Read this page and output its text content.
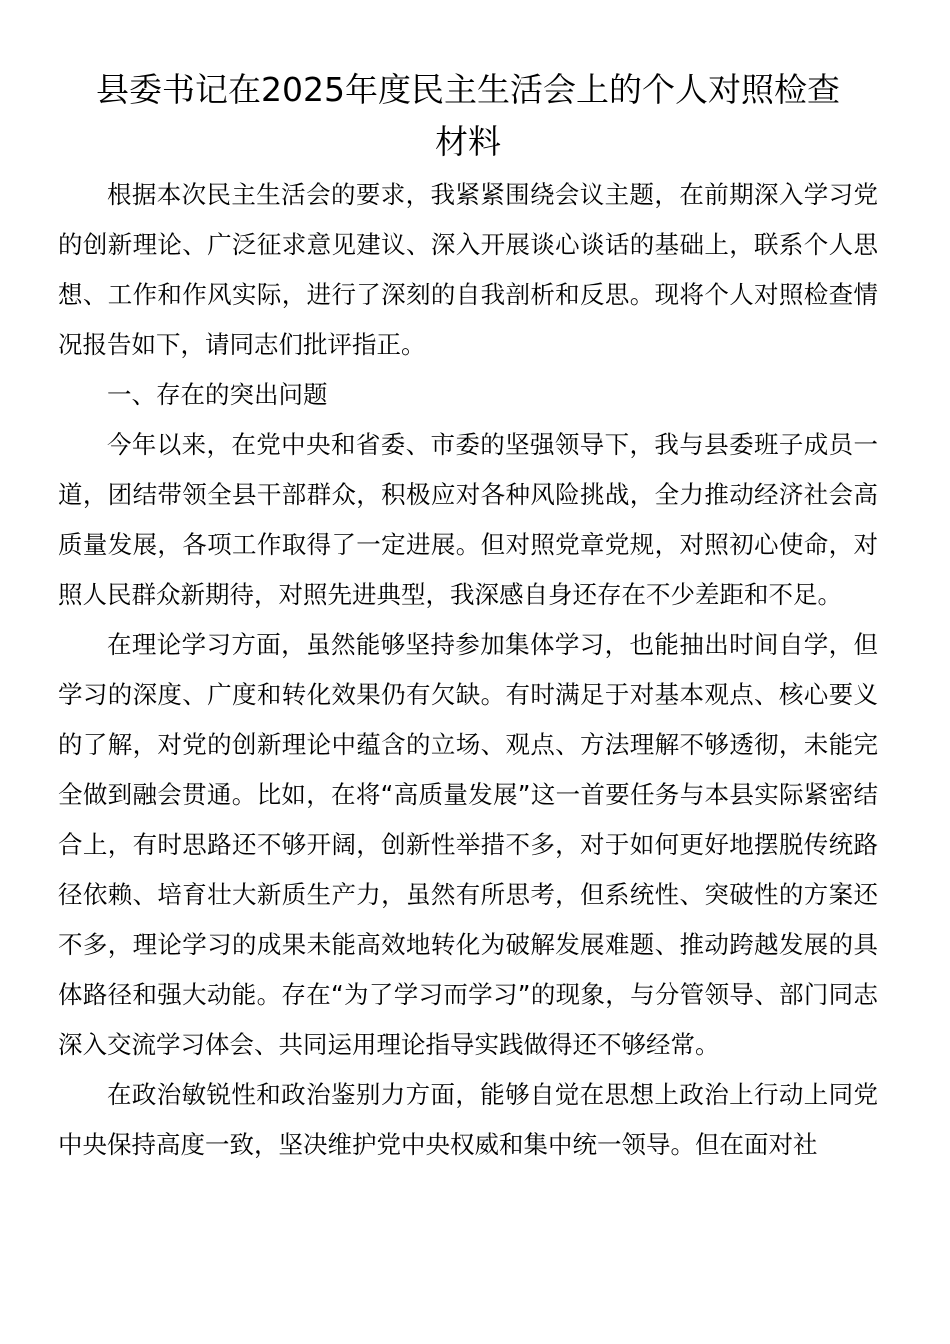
县委书记在2025年度民主生活会上的个人对照检查
材料

根据本次民主生活会的要求，我紧紧围绕会议主题，在前期深入学习党的创新理论、广泛征求意见建议、深入开展谈心谈话的基础上，联系个人思想、工作和作风实际，进行了深刻的自我剖析和反思。现将个人对照检查情况报告如下，请同志们批评指正。

一、存在的突出问题

今年以来，在党中央和省委、市委的坚强领导下，我与县委班子成员一道，团结带领全县干部群众，积极应对各种风险挑战，全力推动经济社会高质量发展，各项工作取得了一定进展。但对照党章党规，对照初心使命，对照人民群众新期待，对照先进典型，我深感自身还存在不少差距和不足。

在理论学习方面，虽然能够坚持参加集体学习，也能抽出时间自学，但学习的深度、广度和转化效果仍有欠缺。有时满足于对基本观点、核心要义的了解，对党的创新理论中蕴含的立场、观点、方法理解不够透彻，未能完全做到融会贯通。比如，在将“高质量发展”这一首要任务与本县实际紧密结合上，有时思路还不够开阔，创新性举措不多，对于如何更好地摆脱传统路径依赖、培育壮大新质生产力，虽然有所思考，但系统性、突破性的方案还不多，理论学习的成果未能高效地转化为破解发展难题、推动跨越发展的具体路径和强大动能。存在“为了学习而学习”的现象，与分管领导、部门同志深入交流学习体会、共同运用理论指导实践做得还不够经常。

在政治敏锐性和政治鉴别力方面，能够自觉在思想上政治上行动上同党中央保持高度一致，坚决维护党中央权威和集中统一领导。但在面对社
